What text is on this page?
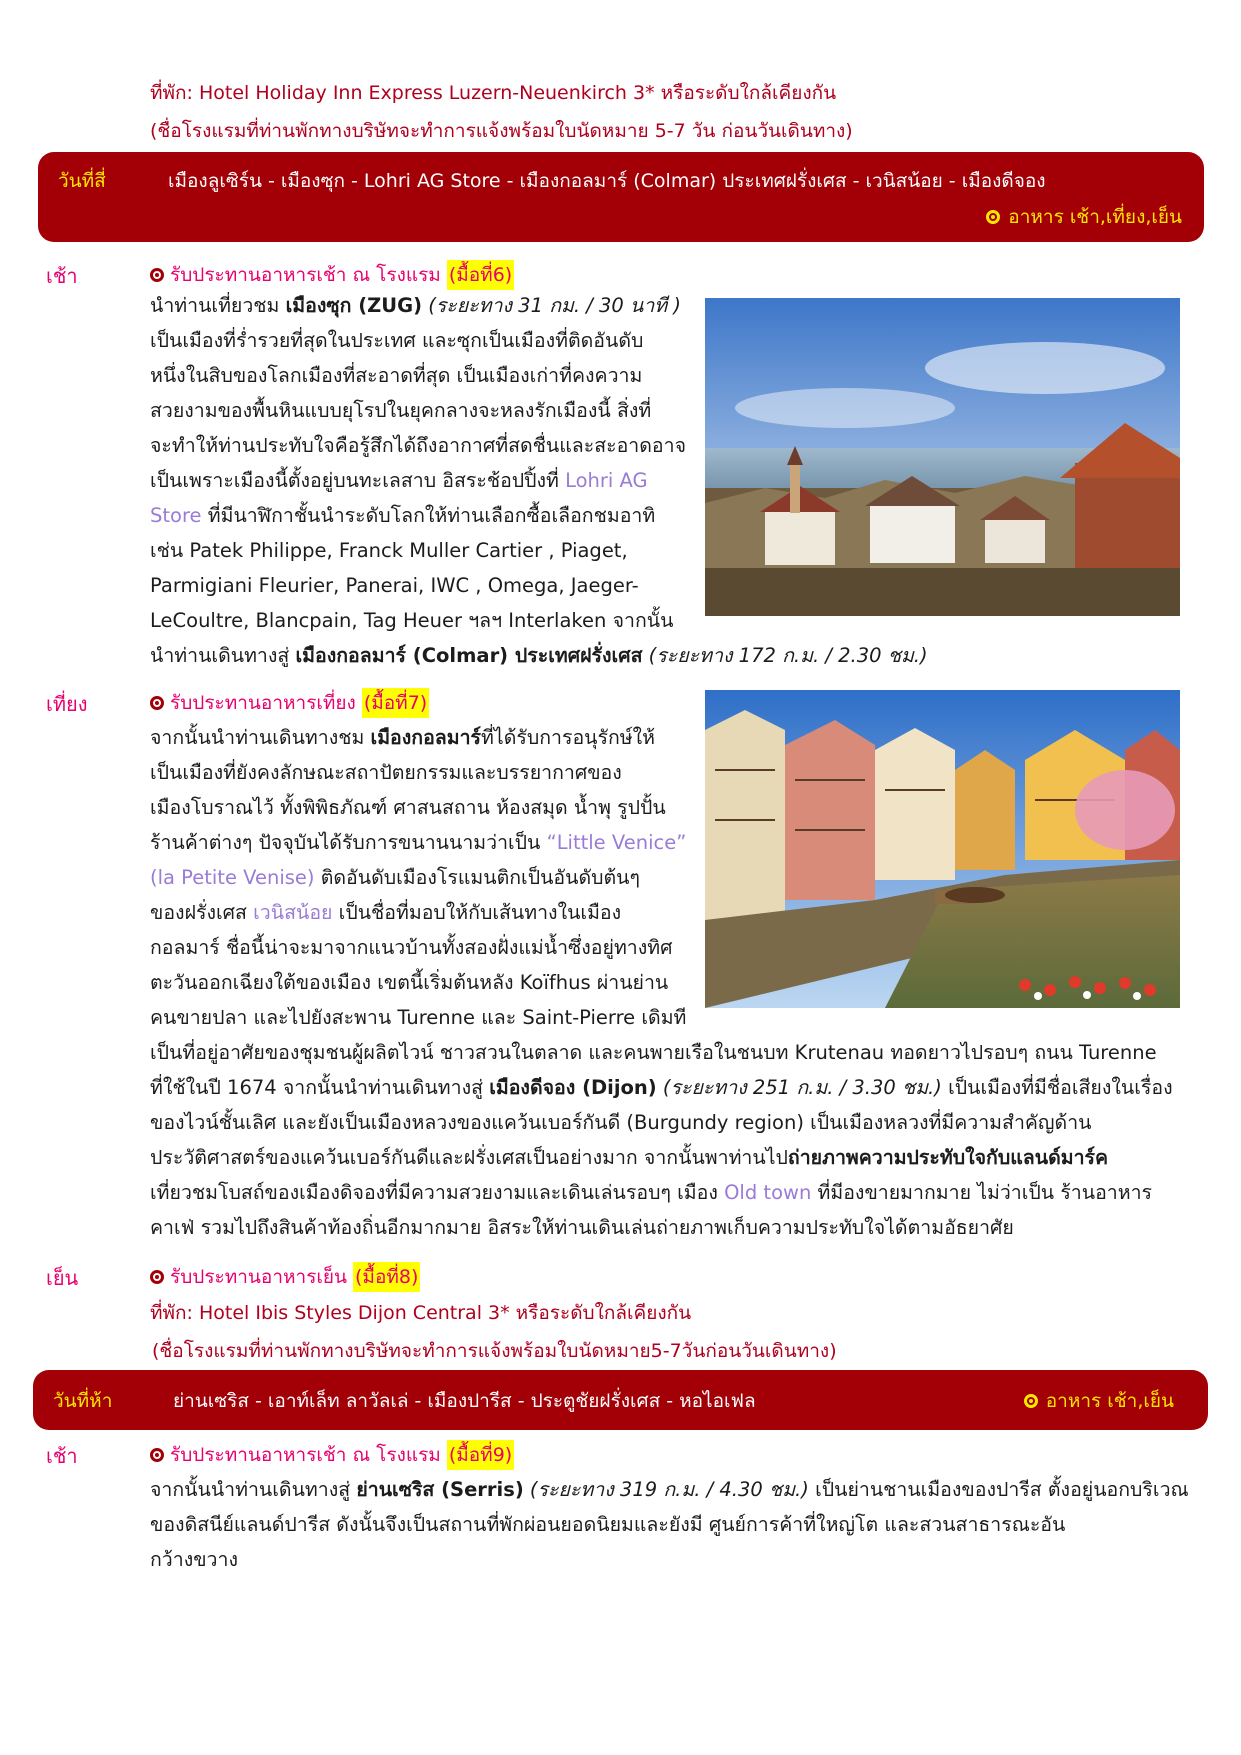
ที่พัก: Hotel Holiday Inn Express Luzern-Neuenkirch 3* หรือระดับใกล้เคียงกัน
(ชื่อโรงแรมที่ท่านพักทางบริษัทจะทำการแจ้งพร้อมใบนัดหมาย 5-7 วัน ก่อนวันเดินทาง)
วันที่สี่	เมืองลูเซิร์น - เมืองซุก - Lohri AG Store - เมืองกอลมาร์ (Colmar) ประเทศฝรั่งเศส - เวนิสน้อย - เมืองดีจอง
อาหาร เช้า,เที่ยง,เย็น
เช้า	รับประทานอาหารเช้า ณ โรงแรม (มื้อที่6)
นำท่านเที่ยวชม เมืองซุก (ZUG) (ระยะทาง 31 กม. / 30 นาที )
เป็นเมืองที่ร่ำรวยที่สุดในประเทศ และซุกเป็นเมืองที่ติดอันดับ
หนึ่งในสิบของโลกเมืองที่สะอาดที่สุด เป็นเมืองเก่าที่คงความ
สวยงามของพื้นหินแบบยุโรปในยุคกลางจะหลงรักเมืองนี้ สิ่งที่
จะทำให้ท่านประทับใจคือรู้สึกได้ถึงอากาศที่สดชื่นและสะอาดอาจ
เป็นเพราะเมืองนี้ตั้งอยู่บนทะเลสาบ อิสระช้อปปิ้งที่ Lohri AG
Store ที่มีนาฬิกาชั้นนำระดับโลกให้ท่านเลือกซื้อเลือกชมอาทิ
เช่น Patek Philippe, Franck Muller Cartier , Piaget,
Parmigiani Fleurier, Panerai, IWC , Omega, Jaeger-
LeCoultre, Blancpain, Tag Heuer ฯลฯ Interlaken จากนั้น
นำท่านเดินทางสู่ เมืองกอลมาร์ (Colmar) ประเทศฝรั่งเศส (ระยะทาง 172 ก.ม. / 2.30 ชม.)
เที่ยง	รับประทานอาหารเที่ยง (มื้อที่7)
จากนั้นนำท่านเดินทางชม เมืองกอลมาร์ที่ได้รับการอนุรักษ์ให้
เป็นเมืองที่ยังคงลักษณะสถาปัตยกรรมและบรรยากาศของ
เมืองโบราณไว้ ทั้งพิพิธภัณฑ์ ศาสนสถาน ห้องสมุด น้ำพุ รูปปั้น
ร้านค้าต่างๆ ปัจจุบันได้รับการขนานนามว่าเป็น “Little Venice”
(la Petite Venise) ติดอันดับเมืองโรแมนติกเป็นอันดับต้นๆ
ของฝรั่งเศส เวนิสน้อย เป็นชื่อที่มอบให้กับเส้นทางในเมือง
กอลมาร์ ชื่อนี้น่าจะมาจากแนวบ้านทั้งสองฝั่งแม่น้ำซึ่งอยู่ทางทิศ
ตะวันออกเฉียงใต้ของเมือง เขตนี้เริ่มต้นหลัง Koïfhus ผ่านย่าน
คนขายปลา และไปยังสะพาน Turenne และ Saint-Pierre เดิมที
เป็นที่อยู่อาศัยของชุมชนผู้ผลิตไวน์ ชาวสวนในตลาด และคนพายเรือในชนบท Krutenau ทอดยาวไปรอบๆ ถนน Turenne
ที่ใช้ในปี 1674 จากนั้นนำท่านเดินทางสู่ เมืองดีจอง (Dijon) (ระยะทาง 251 ก.ม. / 3.30 ชม.) เป็นเมืองที่มีชื่อเสียงในเรื่อง
ของไวน์ชั้นเลิศ และยังเป็นเมืองหลวงของแคว้นเบอร์กันดี (Burgundy region) เป็นเมืองหลวงที่มีความสำคัญด้าน
ประวัติศาสตร์ของแคว้นเบอร์กันดีและฝรั่งเศสเป็นอย่างมาก จากนั้นพาท่านไปถ่ายภาพความประทับใจกับแลนด์มาร์ค
เที่ยวชมโบสถ์ของเมืองดิจองที่มีความสวยงามและเดินเล่นรอบๆ เมือง Old town ที่มีองขายมากมาย ไม่ว่าเป็น ร้านอาหาร
คาเฟ่ รวมไปถึงสินค้าท้องถิ่นอีกมากมาย อิสระให้ท่านเดินเล่นถ่ายภาพเก็บความประทับใจได้ตามอัธยาศัย
เย็น	รับประทานอาหารเย็น (มื้อที่8)
ที่พัก: Hotel Ibis Styles Dijon Central 3* หรือระดับใกล้เคียงกัน
(ชื่อโรงแรมที่ท่านพักทางบริษัทจะทำการแจ้งพร้อมใบนัดหมาย5-7วันก่อนวันเดินทาง)
วันที่ห้า	ย่านเซริส - เอาท์เล็ท ลาวัลเล่ - เมืองปารีส - ประตูชัยฝรั่งเศส - หอไอเฟล	อาหาร เช้า,เย็น
เช้า	รับประทานอาหารเช้า ณ โรงแรม (มื้อที่9)
จากนั้นนำท่านเดินทางสู่ ย่านเซริส (Serris) (ระยะทาง 319 ก.ม. / 4.30 ชม.) เป็นย่านชานเมืองของปารีส ตั้งอยู่นอกบริเวณ
ของดิสนีย์แลนด์ปารีส ดังนั้นจึงเป็นสถานที่พักผ่อนยอดนิยมและยังมี ศูนย์การค้าที่ใหญ่โต และสวนสาธารณะอัน
กว้างขวาง
